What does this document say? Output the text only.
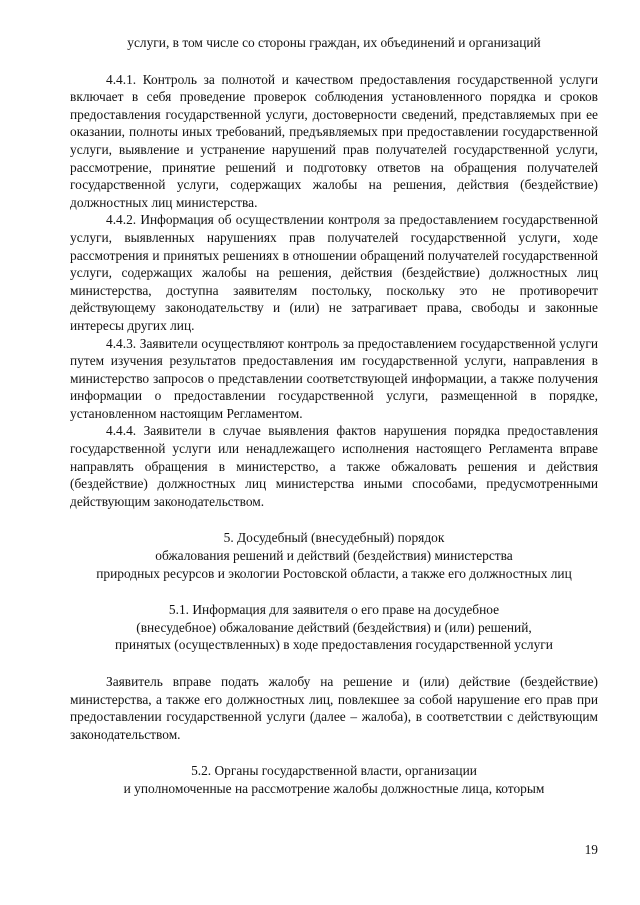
услуги, в том числе со стороны граждан, их объединений и организаций

4.4.1. Контроль за полнотой и качеством предоставления государственной услуги включает в себя проведение проверок соблюдения установленного порядка и сроков предоставления государственной услуги, достоверности сведений, представляемых при ее оказании, полноты иных требований, предъявляемых при предоставлении государственной услуги, выявление и устранение нарушений прав получателей государственной услуги, рассмотрение, принятие решений и подготовку ответов на обращения получателей государственной услуги, содержащих жалобы на решения, действия (бездействие) должностных лиц министерства.

4.4.2. Информация об осуществлении контроля за предоставлением государственной услуги, выявленных нарушениях прав получателей государственной услуги, ходе рассмотрения и принятых решениях в отношении обращений получателей государственной услуги, содержащих жалобы на решения, действия (бездействие) должностных лиц министерства, доступна заявителям постольку, поскольку это не противоречит действующему законодательству и (или) не затрагивает права, свободы и законные интересы других лиц.

4.4.3. Заявители осуществляют контроль за предоставлением государственной услуги путем изучения результатов предоставления им государственной услуги, направления в министерство запросов о представлении соответствующей информации, а также получения информации о предоставлении государственной услуги, размещенной в порядке, установленном настоящим Регламентом.

4.4.4. Заявители в случае выявления фактов нарушения порядка предоставления государственной услуги или ненадлежащего исполнения настоящего Регламента вправе направлять обращения в министерство, а также обжаловать решения и действия (бездействие) должностных лиц министерства иными способами, предусмотренными действующим законодательством.

5. Досудебный (внесудебный) порядок
обжалования решений и действий (бездействия) министерства
природных ресурсов и экологии Ростовской области, а также его должностных лиц
5.1. Информация для заявителя о его праве на досудебное
(внесудебное) обжалование действий (бездействия) и (или) решений,
принятых (осуществленных) в ходе предоставления государственной услуги

Заявитель вправе подать жалобу на решение и (или) действие (бездействие) министерства, а также его должностных лиц, повлекшее за собой нарушение его прав при предоставлении государственной услуги (далее – жалоба), в соответствии с действующим законодательством.

5.2. Органы государственной власти, организации
и уполномоченные на рассмотрение жалобы должностные лица, которым
19
